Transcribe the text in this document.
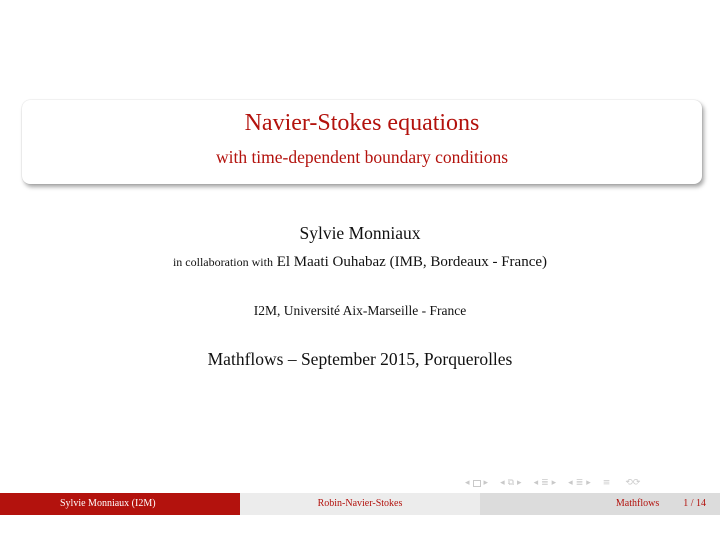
Navier-Stokes equations
with time-dependent boundary conditions
Sylvie Monniaux
in collaboration with El Maati Ouhabaz (IMB, Bordeaux - France)
I2M, Université Aix-Marseille - France
Mathflows – September 2015, Porquerolles
◂ ▸ ◂ ⧉ ▸ ◂ ≣ ▸ ◂ ≣ ▸ ≡ ⟲⟳
Sylvie Monniaux (I2M)	Robin-Navier-Stokes	Mathflows 1 / 14
